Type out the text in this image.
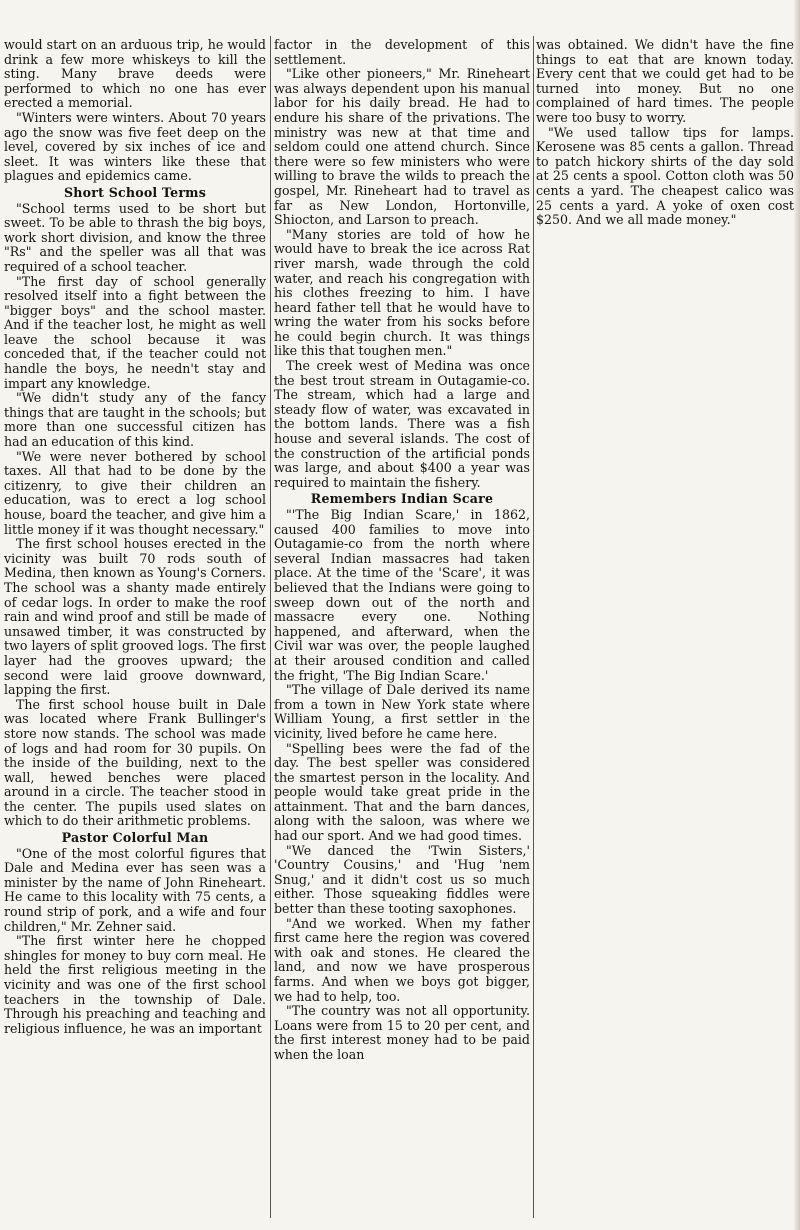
would start on an arduous trip, he would drink a few more whiskeys to kill the sting. Many brave deeds were performed to which no one has ever erected a memorial.

"Winters were winters. About 70 years ago the snow was five feet deep on the level, covered by six inches of ice and sleet. It was winters like these that plagues and epidemics came.

Short School Terms

"School terms used to be short but sweet. To be able to thrash the big boys, work short division, and know the three "Rs" and the speller was all that was required of a school teacher.

"The first day of school generally resolved itself into a fight between the "bigger boys" and the school master. And if the teacher lost, he might as well leave the school because it was conceded that, if the teacher could not handle the boys, he needn't stay and impart any knowledge.

"We didn't study any of the fancy things that are taught in the schools; but more than one successful citizen has had an education of this kind.

"We were never bothered by school taxes. All that had to be done by the citizenry, to give their children an education, was to erect a log school house, board the teacher, and give him a little money if it was thought necessary."

The first school houses erected in the vicinity was built 70 rods south of Medina, then known as Young's Corners. The school was a shanty made entirely of cedar logs. In order to make the roof rain and wind proof and still be made of unsawed timber, it was constructed by two layers of split grooved logs. The first layer had the grooves upward; the second were laid groove downward, lapping the first.

The first school house built in Dale was located where Frank Bullinger's store now stands. The school was made of logs and had room for 30 pupils. On the inside of the building, next to the wall, hewed benches were placed around in a circle. The teacher stood in the center. The pupils used slates on which to do their arithmetic problems.

Pastor Colorful Man

"One of the most colorful figures that Dale and Medina ever has seen was a minister by the name of John Rineheart. He came to this locality with 75 cents, a round strip of pork, and a wife and four children," Mr. Zehner said.

"The first winter here he chopped shingles for money to buy corn meal. He held the first religious meeting in the vicinity and was one of the first school teachers in the township of Dale. Through his preaching and teaching and religious influence, he was an important

factor in the development of this settlement.

"Like other pioneers," Mr. Rineheart was always dependent upon his manual labor for his daily bread. He had to endure his share of the privations. The ministry was new at that time and seldom could one attend church. Since there were so few ministers who were willing to brave the wilds to preach the gospel, Mr. Rineheart had to travel as far as New London, Hortonville, Shiocton, and Larson to preach.

"Many stories are told of how he would have to break the ice across Rat river marsh, wade through the cold water, and reach his congregation with his clothes freezing to him. I have heard father tell that he would have to wring the water from his socks before he could begin church. It was things like this that toughen men."

The creek west of Medina was once the best trout stream in Outagamie-co. The stream, which had a large and steady flow of water, was excavated in the bottom lands. There was a fish house and several islands. The cost of the construction of the artificial ponds was large, and about $400 a year was required to maintain the fishery.

Remembers Indian Scare

"'The Big Indian Scare,' in 1862, caused 400 families to move into Outagamie-co from the north where several Indian massacres had taken place. At the time of the 'Scare', it was believed that the Indians were going to sweep down out of the north and massacre every one. Nothing happened, and afterward, when the Civil war was over, the people laughed at their aroused condition and called the fright, 'The Big Indian Scare.'

"The village of Dale derived its name from a town in New York state where William Young, a first settler in the vicinity, lived before he came here.

"Spelling bees were the fad of the day. The best speller was considered the smartest person in the locality. And people would take great pride in the attainment. That and the barn dances, along with the saloon, was where we had our sport. And we had good times.

"We danced the 'Twin Sisters,' 'Country Cousins,' and 'Hug 'nem Snug,' and it didn't cost us so much either. Those squeaking fiddles were better than these tooting saxophones.

"And we worked. When my father first came here the region was covered with oak and stones. He cleared the land, and now we have prosperous farms. And when we boys got bigger, we had to help, too.

"The country was not all opportunity. Loans were from 15 to 20 per cent, and the first interest money had to be paid when the loan

was obtained. We didn't have the fine things to eat that are known today. Every cent that we could get had to be turned into money. But no one complained of hard times. The people were too busy to worry.

"We used tallow tips for lamps. Kerosene was 85 cents a gallon. Thread to patch hickory shirts of the day sold at 25 cents a spool. Cotton cloth was 50 cents a yard. The cheapest calico was 25 cents a yard. A yoke of oxen cost $250. And we all made money."
